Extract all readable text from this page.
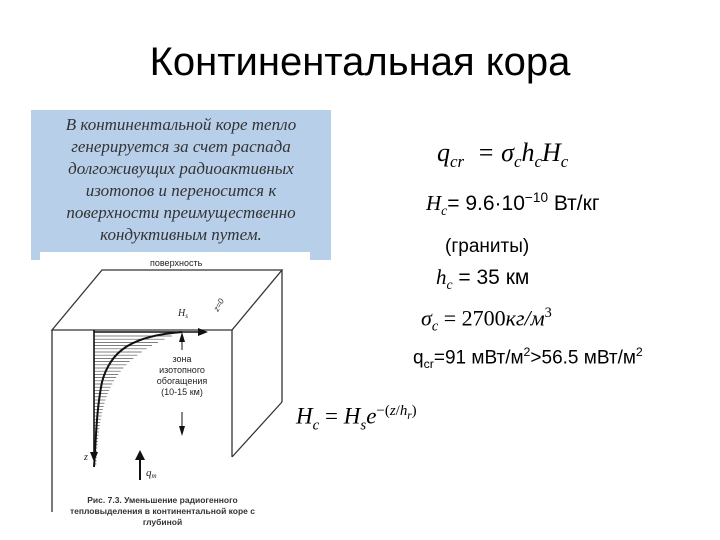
Континентальная кора
В континентальной коре тепло
генерируется за счет распада
долгоживущих радиоактивных
изотопов и переносится к
поверхности преимущественно
кондуктивным путем.
поверхность
$H_s$
z=0
зона
изотопного
обогащения
(10-15 км)
z
qm
Рис. 7.3. Уменьшение радиогенного
тепловыделения в континентальной коре с
глубиной
$q_{cr} = \sigma_ch_cH_c$
$H_c= 9.6\cdot 10^{-10}$ Вт/кг
(граниты)
$h_c = 35$ км
$\sigma_c = 2700кг/м^3$
$q_{cr}=91$ мВт/$м^2>56.5$ мВт/$м^2$
$H_c = H_se^{-(z/h_r)}$
